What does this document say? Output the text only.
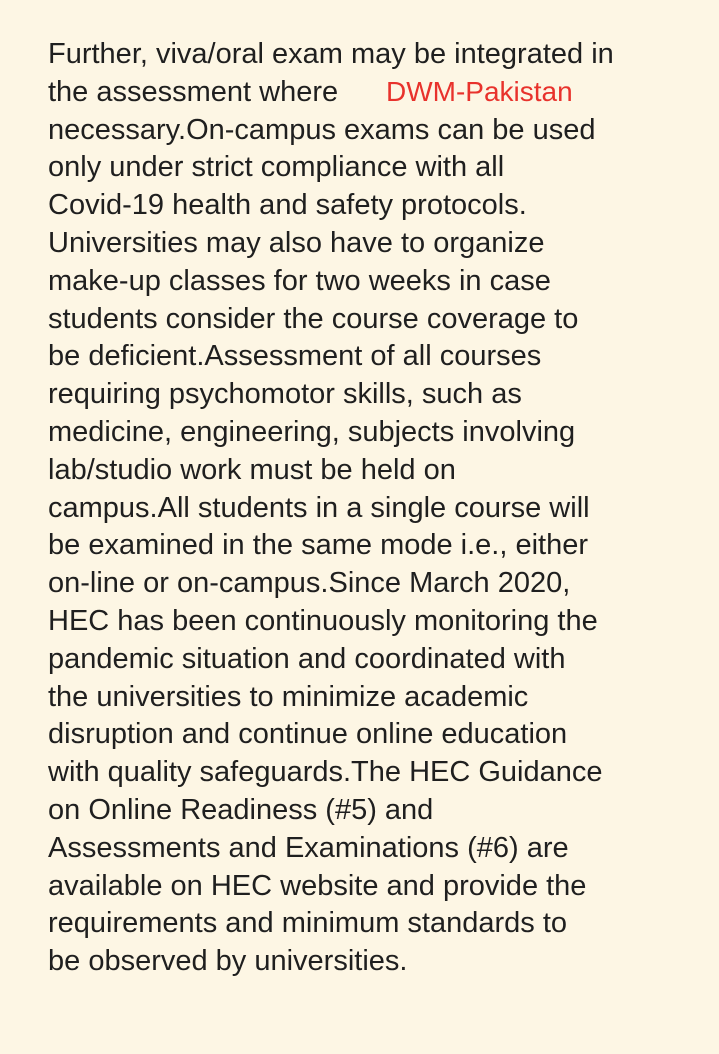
Further, viva/oral exam may be integrated in
the assessment where
necessary.On-campus exams can be used
only under strict compliance with all
Covid-19 health and safety protocols.
Universities may also have to organize
make-up classes for two weeks in case
students consider the course coverage to
be deficient.Assessment of all courses
requiring psychomotor skills, such as
medicine, engineering, subjects involving
lab/studio work must be held on
campus.All students in a single course will
be examined in the same mode i.e., either
on-line or on-campus.Since March 2020,
HEC has been continuously monitoring the
pandemic situation and coordinated with
the universities to minimize academic
disruption and continue online education
with quality safeguards.The HEC Guidance
on Online Readiness (#5) and
Assessments and Examinations (#6) are
available on HEC website and provide the
requirements and minimum standards to
be observed by universities.
DWM-Pakistan
